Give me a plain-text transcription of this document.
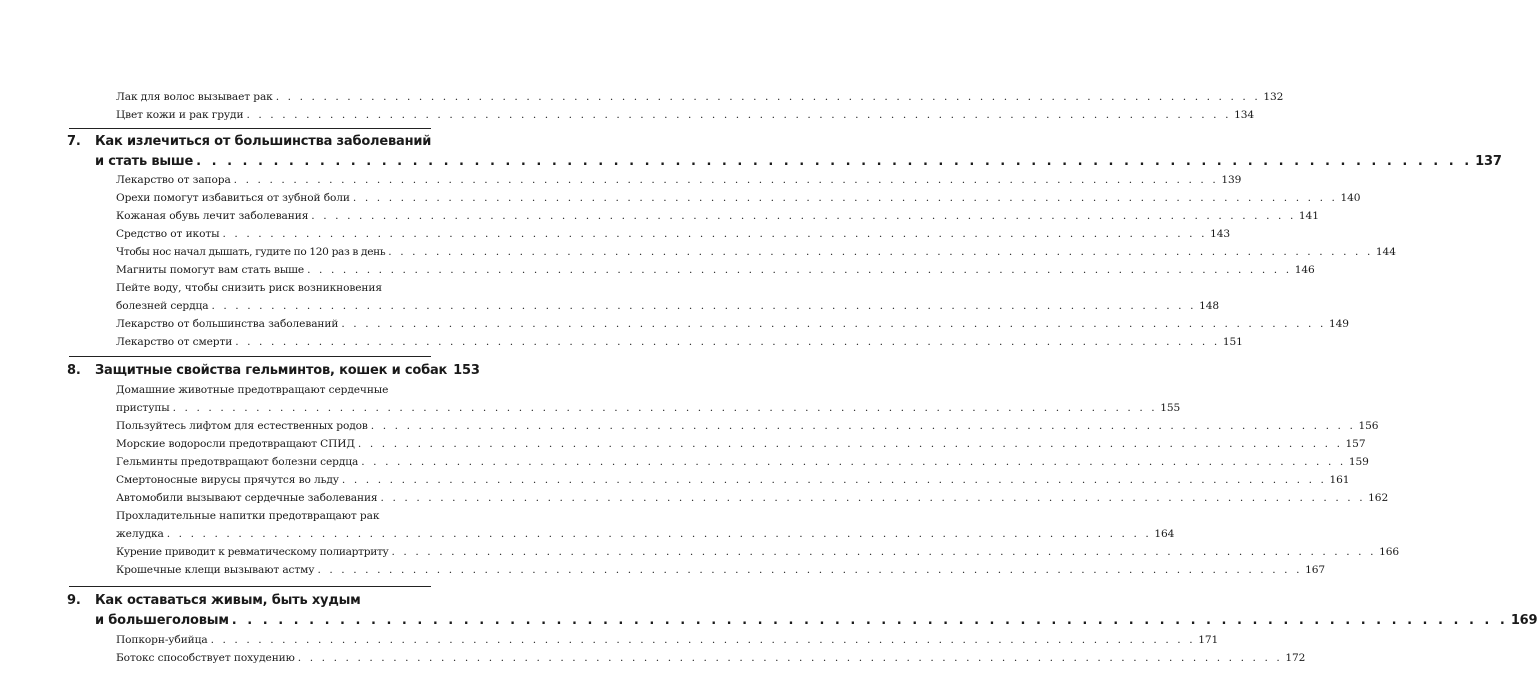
Лак для волос вызывает рак . . . . . . . . . . . . . . . . . . . . . . . . . . . . . . . . . . . . . . . . . . . . . . . . . . . . . . . . . . . . . . . . . . . . . . . . . . . . . . . . . . . 132
Цвет кожи и рак груди . . . . . . . . . . . . . . . . . . . . . . . . . . . . . . . . . . . . . . . . . . . . . . . . . . . . . . . . . . . . . . . . . . . . . . . . . . . . . . . . . . . 134
7.	Как излечиться от большинства заболеваний
и стать выше . . . . . . . . . . . . . . . . . . . . . . . . . . . . . . . . . . . . . . . . . . . . . . . . . . . . . . . . . . . . . . . . . . . . . . . . . . . . . . . . . . . 137
Лекарство от запора . . . . . . . . . . . . . . . . . . . . . . . . . . . . . . . . . . . . . . . . . . . . . . . . . . . . . . . . . . . . . . . . . . . . . . . . . . . . . . . . . . . 139
Орехи помогут избавиться от зубной боли . . . . . . . . . . . . . . . . . . . . . . . . . . . . . . . . . . . . . . . . . . . . . . . . . . . . . . . . . . . . . . . . . . . . . . . . . . . . . . . . . . . 140
Кожаная обувь лечит заболевания . . . . . . . . . . . . . . . . . . . . . . . . . . . . . . . . . . . . . . . . . . . . . . . . . . . . . . . . . . . . . . . . . . . . . . . . . . . . . . . . . . . 141
Средство от икоты . . . . . . . . . . . . . . . . . . . . . . . . . . . . . . . . . . . . . . . . . . . . . . . . . . . . . . . . . . . . . . . . . . . . . . . . . . . . . . . . . . . 143
Чтобы нос начал дышать, гудите по 120 раз в день . . . . . . . . . . . . . . . . . . . . . . . . . . . . . . . . . . . . . . . . . . . . . . . . . . . . . . . . . . . . . . . . . . . . . . . . . . . . . . . . . . . 144
Магниты помогут вам стать выше . . . . . . . . . . . . . . . . . . . . . . . . . . . . . . . . . . . . . . . . . . . . . . . . . . . . . . . . . . . . . . . . . . . . . . . . . . . . . . . . . . . 146
Пейте воду, чтобы снизить риск возникновения
болезней сердца . . . . . . . . . . . . . . . . . . . . . . . . . . . . . . . . . . . . . . . . . . . . . . . . . . . . . . . . . . . . . . . . . . . . . . . . . . . . . . . . . . . 148
Лекарство от большинства заболеваний . . . . . . . . . . . . . . . . . . . . . . . . . . . . . . . . . . . . . . . . . . . . . . . . . . . . . . . . . . . . . . . . . . . . . . . . . . . . . . . . . . . 149
Лекарство от смерти . . . . . . . . . . . . . . . . . . . . . . . . . . . . . . . . . . . . . . . . . . . . . . . . . . . . . . . . . . . . . . . . . . . . . . . . . . . . . . . . . . . 151
8.	Защитные свойства гельминтов, кошек и собак 153
Домашние животные предотвращают сердечные
приступы . . . . . . . . . . . . . . . . . . . . . . . . . . . . . . . . . . . . . . . . . . . . . . . . . . . . . . . . . . . . . . . . . . . . . . . . . . . . . . . . . . . 155
Пользуйтесь лифтом для естественных родов . . . . . . . . . . . . . . . . . . . . . . . . . . . . . . . . . . . . . . . . . . . . . . . . . . . . . . . . . . . . . . . . . . . . . . . . . . . . . . . . . . . 156
Морские водоросли предотвращают СПИД . . . . . . . . . . . . . . . . . . . . . . . . . . . . . . . . . . . . . . . . . . . . . . . . . . . . . . . . . . . . . . . . . . . . . . . . . . . . . . . . . . . 157
Гельминты предотвращают болезни сердца . . . . . . . . . . . . . . . . . . . . . . . . . . . . . . . . . . . . . . . . . . . . . . . . . . . . . . . . . . . . . . . . . . . . . . . . . . . . . . . . . . . 159
Смертоносные вирусы прячутся во льду . . . . . . . . . . . . . . . . . . . . . . . . . . . . . . . . . . . . . . . . . . . . . . . . . . . . . . . . . . . . . . . . . . . . . . . . . . . . . . . . . . . 161
Автомобили вызывают сердечные заболевания . . . . . . . . . . . . . . . . . . . . . . . . . . . . . . . . . . . . . . . . . . . . . . . . . . . . . . . . . . . . . . . . . . . . . . . . . . . . . . . . . . . 162
Прохладительные напитки предотвращают рак
желудка . . . . . . . . . . . . . . . . . . . . . . . . . . . . . . . . . . . . . . . . . . . . . . . . . . . . . . . . . . . . . . . . . . . . . . . . . . . . . . . . . . . 164
Курение приводит к ревматическому полиартриту . . . . . . . . . . . . . . . . . . . . . . . . . . . . . . . . . . . . . . . . . . . . . . . . . . . . . . . . . . . . . . . . . . . . . . . . . . . . . . . . . . . 166
Крошечные клещи вызывают астму . . . . . . . . . . . . . . . . . . . . . . . . . . . . . . . . . . . . . . . . . . . . . . . . . . . . . . . . . . . . . . . . . . . . . . . . . . . . . . . . . . . 167
9.	Как оставаться живым, быть худым
и большеголовым . . . . . . . . . . . . . . . . . . . . . . . . . . . . . . . . . . . . . . . . . . . . . . . . . . . . . . . . . . . . . . . . . . . . . . . . . . . . . . . . . . . 169
Попкорн-убийца . . . . . . . . . . . . . . . . . . . . . . . . . . . . . . . . . . . . . . . . . . . . . . . . . . . . . . . . . . . . . . . . . . . . . . . . . . . . . . . . . . . 171
Ботокс способствует похудению . . . . . . . . . . . . . . . . . . . . . . . . . . . . . . . . . . . . . . . . . . . . . . . . . . . . . . . . . . . . . . . . . . . . . . . . . . . . . . . . . . . 172
